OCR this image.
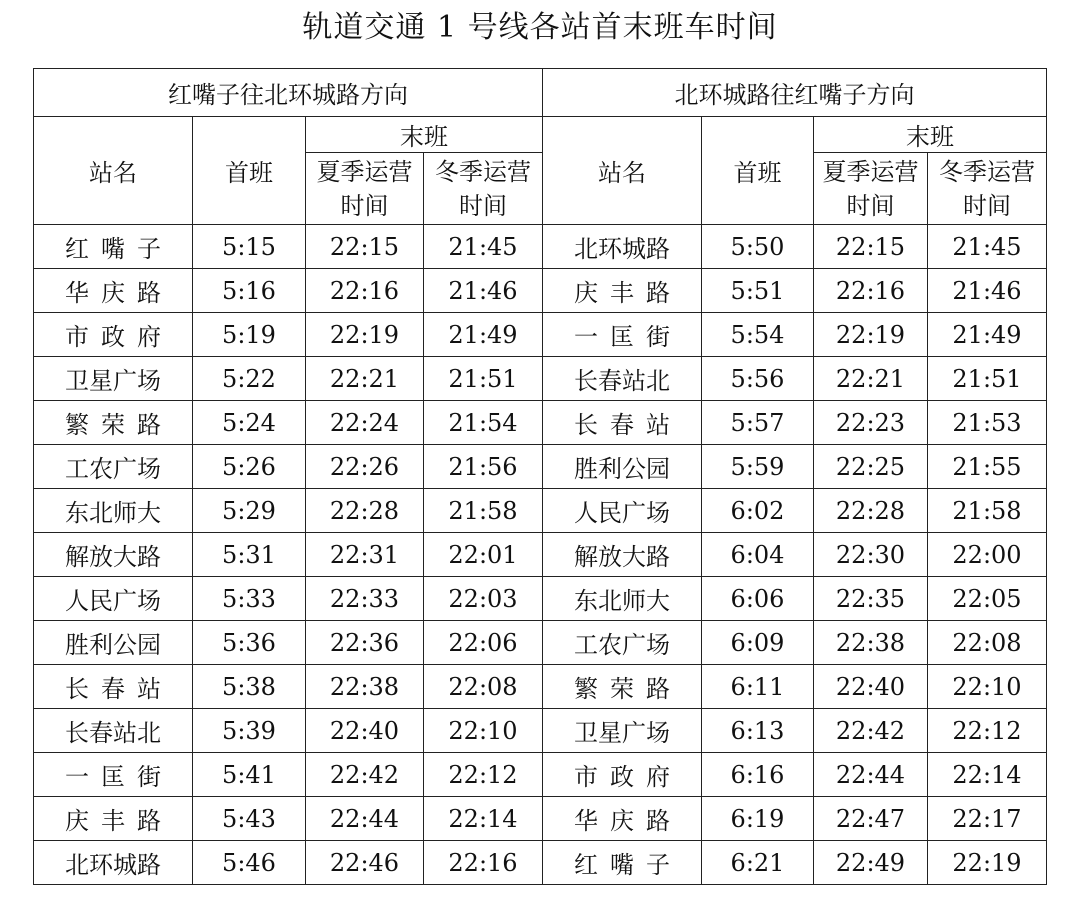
轨道交通 1 号线各站首末班车时间
红嘴子往北环城路方向				北环城路往红嘴子方向			
站名	首班	末班		站名	首班	末班	
		夏季运营时间	冬季运营时间			夏季运营时间	冬季运营时间
红嘴子	5:15	22:15	21:45	北环城路	5:50	22:15	21:45
华庆路	5:16	22:16	21:46	庆丰路	5:51	22:16	21:46
市政府	5:19	22:19	21:49	一匡街	5:54	22:19	21:49
卫星广场	5:22	22:21	21:51	长春站北	5:56	22:21	21:51
繁荣路	5:24	22:24	21:54	长春站	5:57	22:23	21:53
工农广场	5:26	22:26	21:56	胜利公园	5:59	22:25	21:55
东北师大	5:29	22:28	21:58	人民广场	6:02	22:28	21:58
解放大路	5:31	22:31	22:01	解放大路	6:04	22:30	22:00
人民广场	5:33	22:33	22:03	东北师大	6:06	22:35	22:05
胜利公园	5:36	22:36	22:06	工农广场	6:09	22:38	22:08
长春站	5:38	22:38	22:08	繁荣路	6:11	22:40	22:10
长春站北	5:39	22:40	22:10	卫星广场	6:13	22:42	22:12
一匡街	5:41	22:42	22:12	市政府	6:16	22:44	22:14
庆丰路	5:43	22:44	22:14	华庆路	6:19	22:47	22:17
北环城路	5:46	22:46	22:16	红嘴子	6:21	22:49	22:19
